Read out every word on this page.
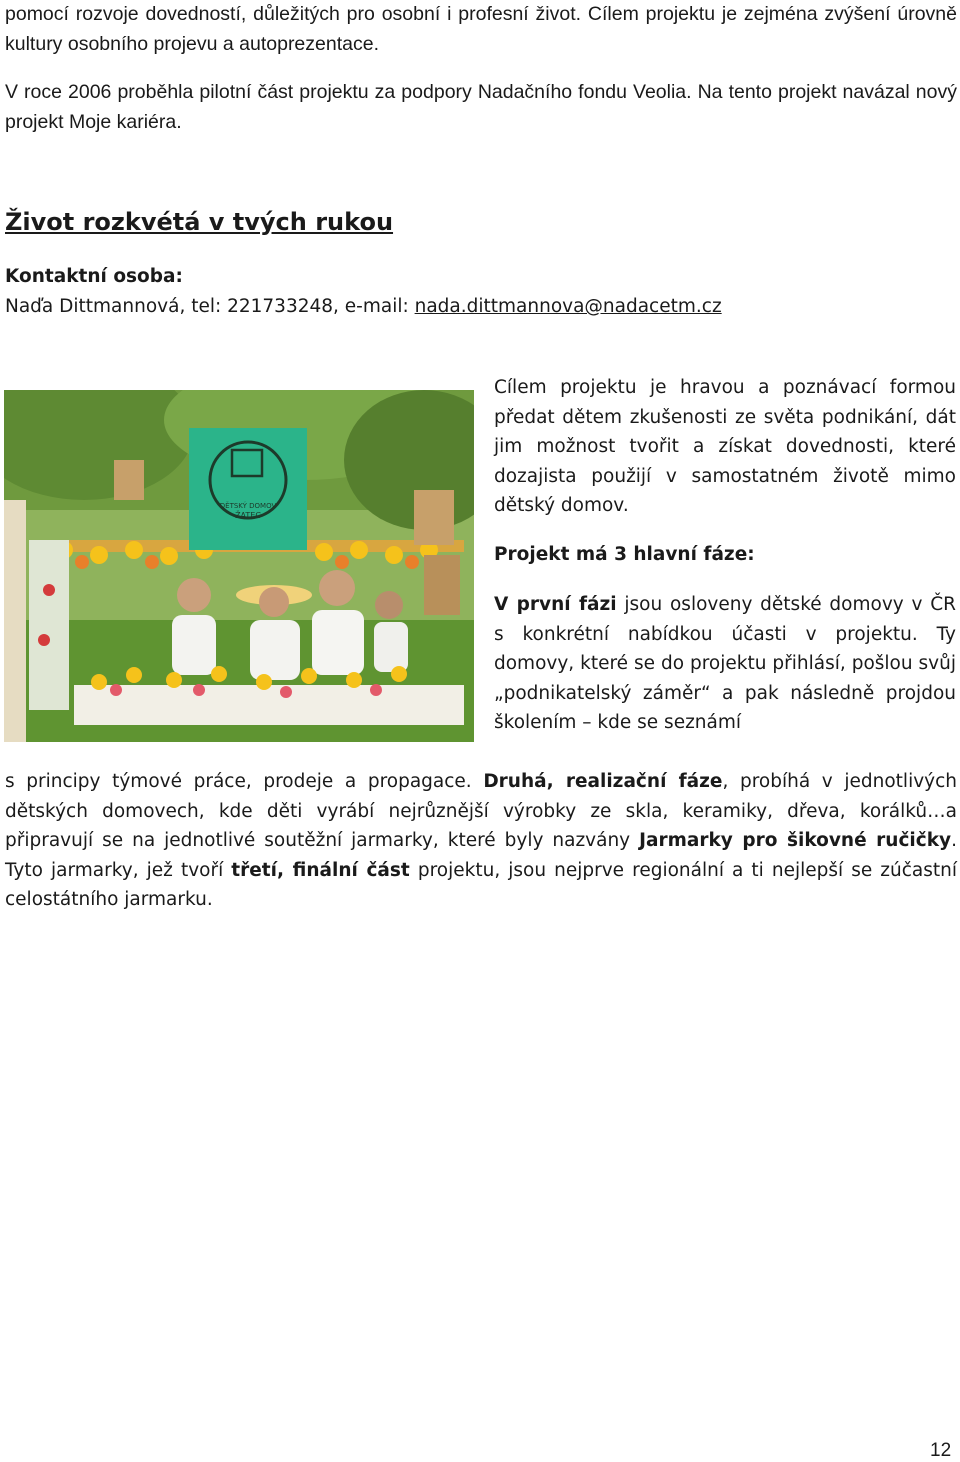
pomocí rozvoje dovedností, důležitých pro osobní i profesní život. Cílem projektu je zejména zvýšení úrovně kultury osobního projevu a autoprezentace.

V roce 2006 proběhla pilotní část projektu za podpory Nadačního fondu Veolia. Na tento projekt navázal nový projekt Moje kariéra.

Život rozkvétá v tvých rukou
Kontaktní osoba:
Naďa Dittmannová, tel: 221733248, e-mail: nada.dittmannova@nadacetm.cz
DĚTSKÝ DOMOV
ŽATEC

Cílem projektu je hravou a poznávací formou předat dětem zkušenosti ze světa podnikání, dát jim možnost tvořit a získat dovednosti, které dozajista použijí v samostatném životě mimo dětský domov.

Projekt má 3 hlavní fáze:

V první fázi jsou osloveny dětské domovy v ČR s konkrétní nabídkou účasti v projektu. Ty domovy, které se do projektu přihlásí, pošlou svůj „podnikatelský záměr“ a pak následně projdou školením – kde se seznámí

s principy týmové práce, prodeje a propagace. Druhá, realizační fáze, probíhá v jednotlivých dětských domovech, kde děti vyrábí nejrůznější výrobky ze skla, keramiky, dřeva, korálků…a připravují se na jednotlivé soutěžní jarmarky, které byly nazvány Jarmarky pro šikovné ručičky. Tyto jarmarky, jež tvoří třetí, finální část projektu, jsou nejprve regionální a ti nejlepší se zúčastní celostátního jarmarku.

12
